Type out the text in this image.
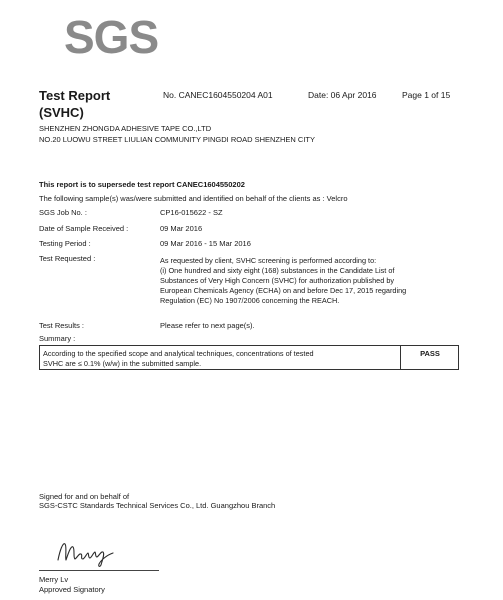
SGS
Test Report
(SVHC)
No. CANEC1604550204 A01	Date: 06 Apr 2016	Page 1 of 15
SHENZHEN ZHONGDA ADHESIVE TAPE CO.,LTD
NO.20 LUOWU STREET LIULIAN COMMUNITY PINGDI ROAD SHENZHEN CITY
This report is to supersede test report CANEC1604550202
The following sample(s) was/were submitted and identified on behalf of the clients as : Velcro
SGS Job No. :	CP16-015622 - SZ
Date of Sample Received :	09 Mar 2016
Testing Period :	09 Mar 2016 - 15 Mar 2016
Test Requested :	As requested by client, SVHC screening is performed according to:
(i) One hundred and sixty eight (168) substances in the Candidate List of
Substances of Very High Concern (SVHC) for authorization published by
European Chemicals Agency (ECHA) on and before Dec 17, 2015 regarding
Regulation (EC) No 1907/2006 concerning the REACH.
Test Results :	Please refer to next page(s).
Summary :
According to the specified scope and analytical techniques, concentrations of tested
SVHC are ≤ 0.1% (w/w) in the submitted sample.
PASS
Signed for and on behalf of
SGS-CSTC Standards Technical Services Co., Ltd. Guangzhou Branch
Merry Lv
Approved Signatory
